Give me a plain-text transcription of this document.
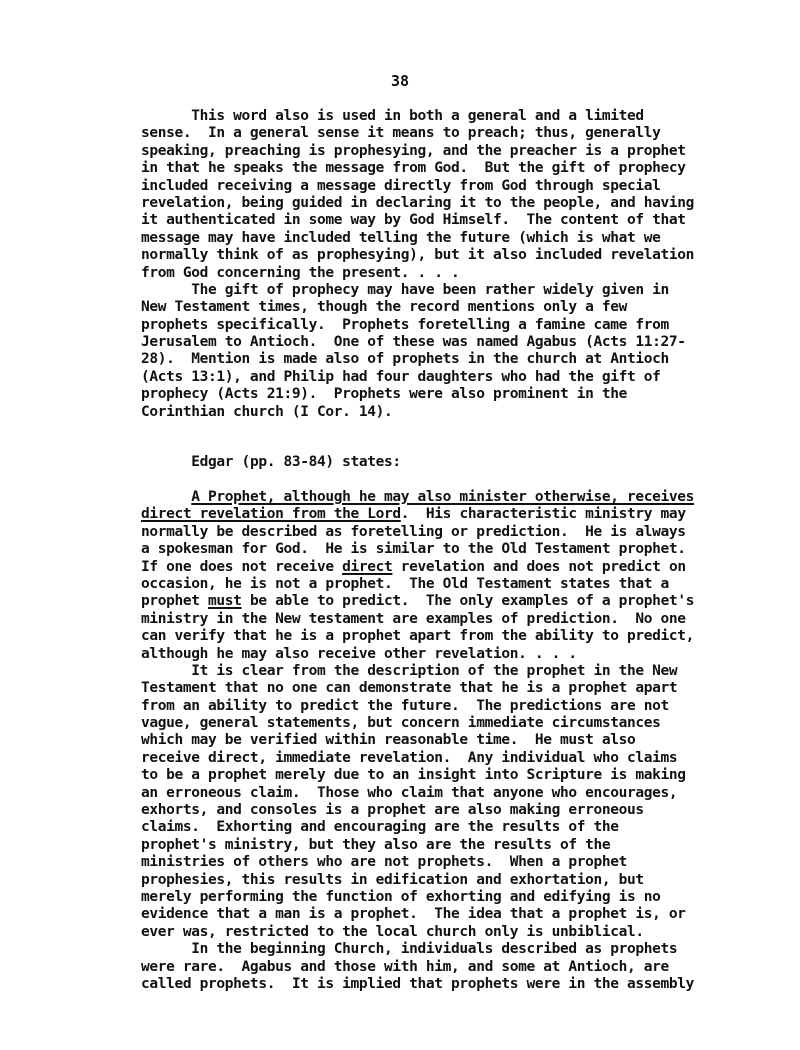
38
This word also is used in both a general and a limited
sense.  In a general sense it means to preach; thus, generally
speaking, preaching is prophesying, and the preacher is a prophet
in that he speaks the message from God.  But the gift of prophecy
included receiving a message directly from God through special
revelation, being guided in declaring it to the people, and having
it authenticated in some way by God Himself.  The content of that
message may have included telling the future (which is what we
normally think of as prophesying), but it also included revelation
from God concerning the present. . . .
The gift of prophecy may have been rather widely given in
New Testament times, though the record mentions only a few
prophets specifically.  Prophets foretelling a famine came from
Jerusalem to Antioch.  One of these was named Agabus (Acts 11:27-
28).  Mention is made also of prophets in the church at Antioch
(Acts 13:1), and Philip had four daughters who had the gift of
prophecy (Acts 21:9).  Prophets were also prominent in the
Corinthian church (I Cor. 14).
Edgar (pp. 83-84) states:
A Prophet, although he may also minister otherwise, receives
direct revelation from the Lord.  His characteristic ministry may
normally be described as foretelling or prediction.  He is always
a spokesman for God.  He is similar to the Old Testament prophet.
If one does not receive direct revelation and does not predict on
occasion, he is not a prophet.  The Old Testament states that a
prophet must be able to predict.  The only examples of a prophet's
ministry in the New testament are examples of prediction.  No one
can verify that he is a prophet apart from the ability to predict,
although he may also receive other revelation. . . .
It is clear from the description of the prophet in the New
Testament that no one can demonstrate that he is a prophet apart
from an ability to predict the future.  The predictions are not
vague, general statements, but concern immediate circumstances
which may be verified within reasonable time.  He must also
receive direct, immediate revelation.  Any individual who claims
to be a prophet merely due to an insight into Scripture is making
an erroneous claim.  Those who claim that anyone who encourages,
exhorts, and consoles is a prophet are also making erroneous
claims.  Exhorting and encouraging are the results of the
prophet's ministry, but they also are the results of the
ministries of others who are not prophets.  When a prophet
prophesies, this results in edification and exhortation, but
merely performing the function of exhorting and edifying is no
evidence that a man is a prophet.  The idea that a prophet is, or
ever was, restricted to the local church only is unbiblical.
In the beginning Church, individuals described as prophets
were rare.  Agabus and those with him, and some at Antioch, are
called prophets.  It is implied that prophets were in the assembly
